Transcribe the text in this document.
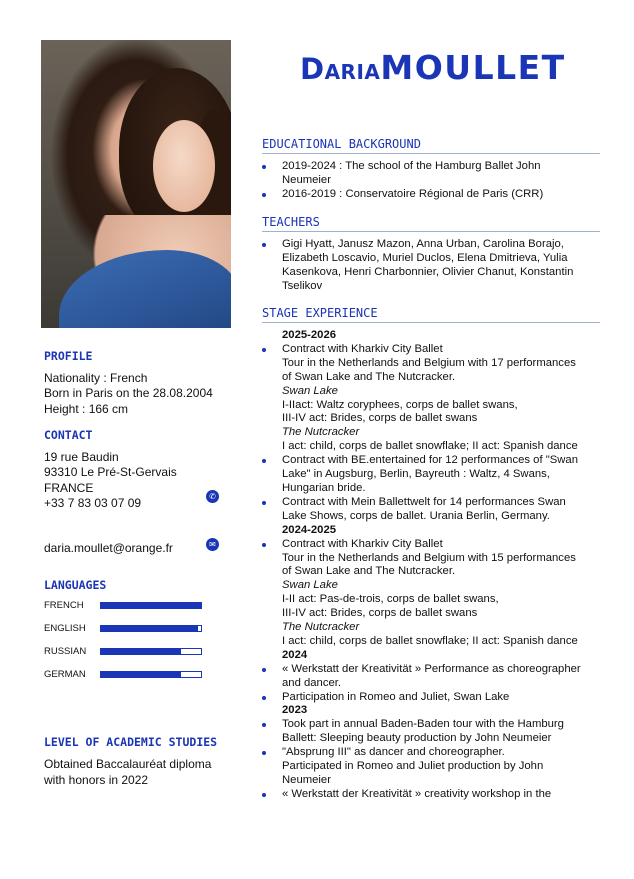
DariaMOULLET
PROFILE
Nationality : French
Born in Paris on the 28.08.2004
Height : 166 cm
CONTACT
19 rue Baudin
93310 Le Pré-St-Gervais
FRANCE
+33 7 83 03 07 09	✆
daria.moullet@orange.fr	✉
LANGUAGES
FRENCH
ENGLISH
RUSSIAN
GERMAN
LEVEL OF ACADEMIC STUDIES
Obtained Baccalauréat diploma
with honors in 2022
EDUCATIONAL BACKGROUND
2019-2024 : The school of the Hamburg Ballet John
Neumeier
2016-2019 : Conservatoire Régional de Paris (CRR)
TEACHERS
Gigi Hyatt, Janusz Mazon, Anna Urban, Carolina Borajo,
Elizabeth Loscavio, Muriel Duclos, Elena Dmitrieva, Yulia
Kasenkova, Henri Charbonnier, Olivier Chanut, Konstantin
Tselikov
STAGE EXPERIENCE
2025-2026
Contract with Kharkiv City Ballet
Tour in the Netherlands and Belgium with 17 performances
of Swan Lake and The Nutcracker.
Swan Lake
I-IIact: Waltz coryphees, corps de ballet swans,
III-IV act: Brides, corps de ballet swans
The Nutcracker
I act: child, corps de ballet snowflake; II act: Spanish dance
Contract with BE.entertained for 12 performances of "Swan
Lake" in Augsburg, Berlin, Bayreuth : Waltz, 4 Swans,
Hungarian bride.
Contract with Mein Ballettwelt for 14 performances Swan
Lake Shows, corps de ballet. Urania Berlin, Germany.
2024-2025
Contract with Kharkiv City Ballet
Tour in the Netherlands and Belgium with 15 performances
of Swan Lake and The Nutcracker.
Swan Lake
I-II act: Pas-de-trois, corps de ballet swans,
III-IV act: Brides, corps de ballet swans
The Nutcracker
I act: child, corps de ballet snowflake; II act: Spanish dance
2024
« Werkstatt der Kreativität » Performance as choreographer
and dancer.
Participation in Romeo and Juliet, Swan Lake
2023
Took part in annual Baden-Baden tour with the Hamburg
Ballett: Sleeping beauty production by John Neumeier
"Absprung III" as dancer and choreographer.
Participated in Romeo and Juliet production by John
Neumeier
« Werkstatt der Kreativität » creativity workshop in the
